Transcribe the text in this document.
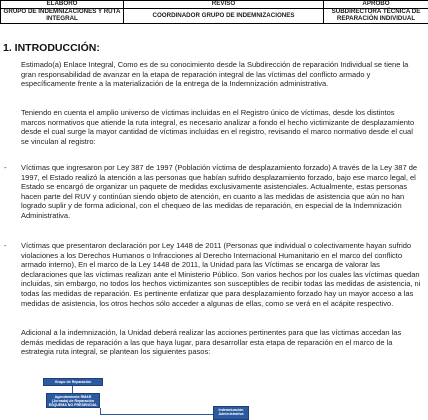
ELABORÓ	REVISÓ	APROBÓ
GRUPO DE INDEMNIZACIONES Y RUTA INTEGRAL	COORDINADOR GRUPO DE INDEMNIZACIONES	SUBDIRECTORA TÉCNICA DE REPARACIÓN INDIVIDUAL
1. INTRODUCCIÓN:

Estimado(a) Enlace Integral, Como es de su conocimiento desde la Subdirección de reparación Individual se tiene la gran responsabilidad de avanzar en la etapa de reparación integral de las víctimas del conflicto armado y específicamente frente a la materialización de la entrega de la Indemnización administrativa.

Teniendo en cuenta el amplio universo de víctimas incluidas en el Registro único de víctimas, desde los distintos marcos normativos que atiende la ruta integral, es necesario analizar a fondo el hecho victimizante de desplazamiento desde el cual surge la mayor cantidad de víctimas incluidas en el registro, revisando el marco normativo desde el cual se vinculan al registro:

- Víctimas que ingresaron por Ley 387 de 1997 (Población víctima de desplazamiento forzado) A través de la Ley 387 de 1997, el Estado realizó la atención a las personas que habían sufrido desplazamiento forzado, bajo ese marco legal, el Estado se encargó de organizar un paquete de medidas exclusivamente asistenciales. Actualmente, estas personas hacen parte del RUV y continúan siendo objeto de atención, en cuanto a las medidas de asistencia que aún no han logrado suplir y de forma adicional, con el chequeo de las medidas de reparación, en especial de la Indemnización Administrativa.

- Víctimas que presentaron declaración por Ley 1448 de 2011 (Personas que individual o colectivamente hayan sufrido violaciones a los Derechos Humanos o Infracciones al Derecho Internacional Humanitario en el marco del conflicto armado interno), En el marco de la Ley 1448 de 2011, la Unidad para las Víctimas se encarga de valorar las declaraciones que las víctimas realizan ante el Ministerio Público. Son varios hechos por los cuales las víctimas quedan incluidas, sin embargo, no todos los hechos victimizantes son susceptibles de recibir todas las medidas de asistencia, ni todas las medidas de reparación. Es pertinente enfatizar que para desplazamiento forzado hay un mayor acceso a las medidas de asistencia, los otros hechos sólo acceder a algunas de ellas, como se verá en el acápite respectivo.

Adicional a la indemnización, la Unidad deberá realizar las acciones pertinentes para que las víctimas accedan las demás medidas de reparación a las que haya lugar, para desarrollar esta etapa de reparación en el marco de la estrategia ruta integral, se plantean los siguientes pasos:

Grupo de Reparación
Agendamiento RMAR (Jornada) de Reparación ESQUEMA NO PRESENCIAL
Indemnización Administrativa
